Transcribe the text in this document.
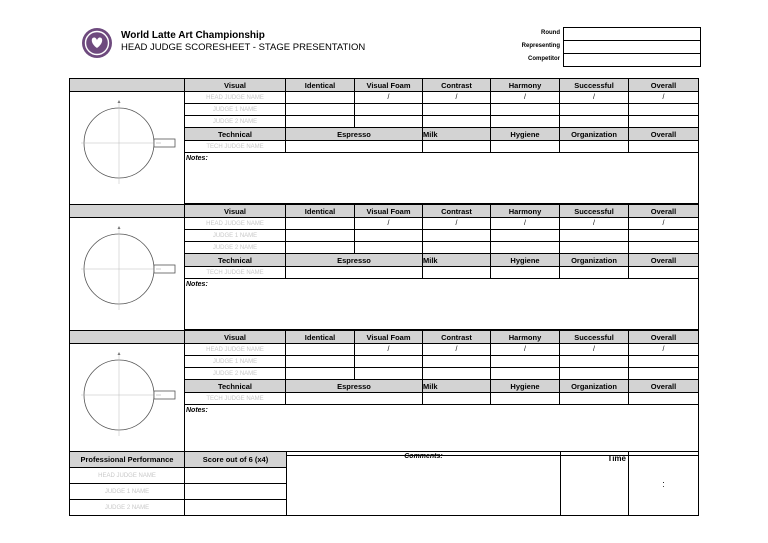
World Latte Art Championship
HEAD JUDGE SCORESHEET - STAGE PRESENTATION
Round
Representing
Competitor
	Visual	Identical	Visual Foam	Contrast	Harmony	Successful	Overall
	HEAD JUDGE NAME		/	/	/	/	/
	JUDGE 1 NAME						
	JUDGE 2 NAME						
	Technical	Espresso		Milk	Hygiene	Organization	Overall
	TECH JUDGE NAME						
	Notes:						
	Visual	Identical	Visual Foam	Contrast	Harmony	Successful	Overall
	HEAD JUDGE NAME		/	/	/	/	/
	JUDGE 1 NAME						
	JUDGE 2 NAME						
	Technical	Espresso		Milk	Hygiene	Organization	Overall
	TECH JUDGE NAME						
	Notes:						
	Visual	Identical	Visual Foam	Contrast	Harmony	Successful	Overall
	HEAD JUDGE NAME		/	/	/	/	/
	JUDGE 1 NAME						
	JUDGE 2 NAME						
	Technical	Espresso		Milk	Hygiene	Organization	Overall
	TECH JUDGE NAME						
	Notes:						
Professional Performance	Score out of 6 (x4)	Comments:	Time	:
HEAD JUDGE NAME				
JUDGE 1 NAME				
JUDGE 2 NAME				
